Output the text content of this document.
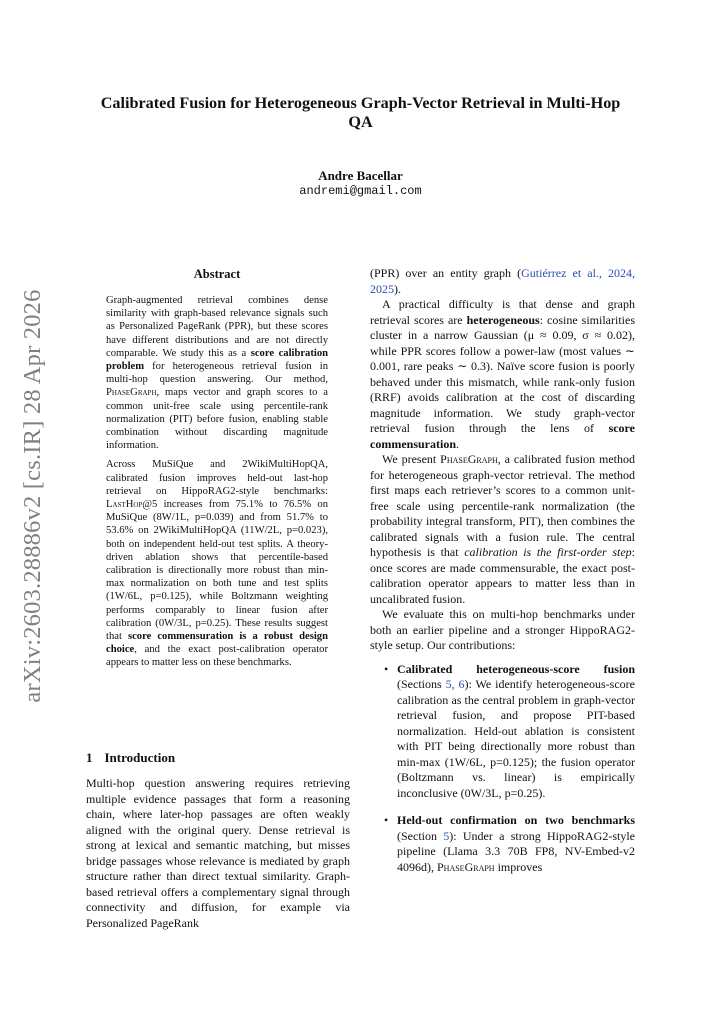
Calibrated Fusion for Heterogeneous Graph-Vector Retrieval in Multi-Hop QA
Andre Bacellar
andremi@gmail.com
arXiv:2603.28886v2 [cs.IR] 28 Apr 2026
Abstract

Graph-augmented retrieval combines dense similarity with graph-based relevance signals such as Personalized PageRank (PPR), but these scores have different distributions and are not directly comparable. We study this as a score calibration problem for heterogeneous retrieval fusion in multi-hop question answering. Our method, PhaseGraph, maps vector and graph scores to a common unit-free scale using percentile-rank normalization (PIT) before fusion, enabling stable combination without discarding magnitude information.

Across MuSiQue and 2WikiMultiHopQA, calibrated fusion improves held-out last-hop retrieval on HippoRAG2-style benchmarks: LastHop@5 increases from 75.1% to 76.5% on MuSiQue (8W/1L, p=0.039) and from 51.7% to 53.6% on 2WikiMultiHopQA (11W/2L, p=0.023), both on independent held-out test splits. A theory-driven ablation shows that percentile-based calibration is directionally more robust than min-max normalization on both tune and test splits (1W/6L, p=0.125), while Boltzmann weighting performs comparably to linear fusion after calibration (0W/3L, p=0.25). These results suggest that score commensuration is a robust design choice, and the exact post-calibration operator appears to matter less on these benchmarks.

1 Introduction

Multi-hop question answering requires retrieving multiple evidence passages that form a reasoning chain, where later-hop passages are often weakly aligned with the original query. Dense retrieval is strong at lexical and semantic matching, but misses bridge passages whose relevance is mediated by graph structure rather than direct textual similarity. Graph-based retrieval offers a complementary signal through connectivity and diffusion, for example via Personalized PageRank

(PPR) over an entity graph (Gutiérrez et al., 2024, 2025).

A practical difficulty is that dense and graph retrieval scores are heterogeneous: cosine similarities cluster in a narrow Gaussian (μ ≈ 0.09, σ ≈ 0.02), while PPR scores follow a power-law (most values ∼ 0.001, rare peaks ∼ 0.3). Naïve score fusion is poorly behaved under this mismatch, while rank-only fusion (RRF) avoids calibration at the cost of discarding magnitude information. We study graph-vector retrieval fusion through the lens of score commensuration.

We present PhaseGraph, a calibrated fusion method for heterogeneous graph-vector retrieval. The method first maps each retriever’s scores to a common unit-free scale using percentile-rank normalization (the probability integral transform, PIT), then combines the calibrated signals with a fusion rule. The central hypothesis is that calibration is the first-order step: once scores are made commensurable, the exact post-calibration operator appears to matter less than in uncalibrated fusion.

We evaluate this on multi-hop benchmarks under both an earlier pipeline and a stronger HippoRAG2-style setup. Our contributions:

• Calibrated heterogeneous-score fusion (Sections 5, 6): We identify heterogeneous-score calibration as the central problem in graph-vector retrieval fusion, and propose PIT-based normalization. Held-out ablation is consistent with PIT being directionally more robust than min-max (1W/6L, p=0.125); the fusion operator (Boltzmann vs. linear) is empirically inconclusive (0W/3L, p=0.25).
• Held-out confirmation on two benchmarks (Section 5): Under a strong HippoRAG2-style pipeline (Llama 3.3 70B FP8, NV-Embed-v2 4096d), PhaseGraph improves
